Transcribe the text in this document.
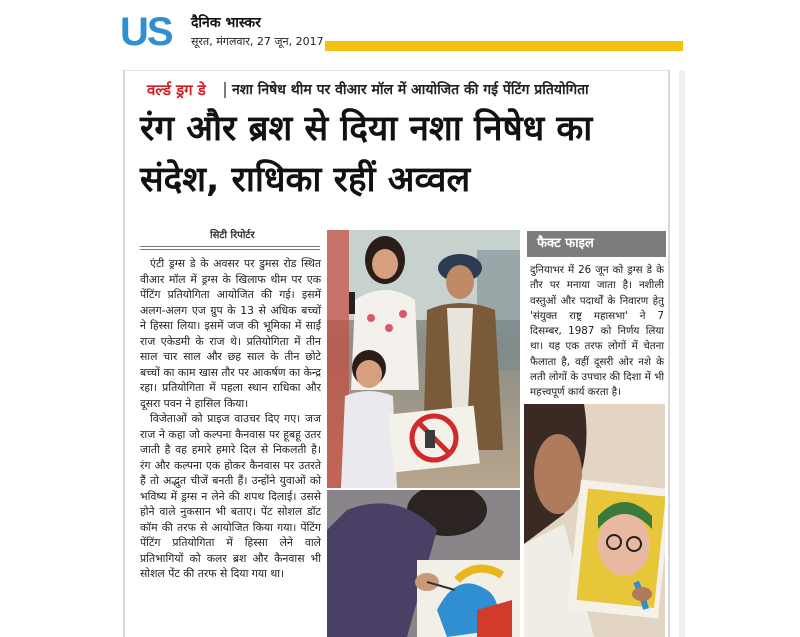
US दैनिक भास्कर
सूरत, मंगलवार, 27 जून, 2017
वर्ल्ड ड्रग डे नशा निषेध थीम पर वीआर मॉल में आयोजित की गई पेंटिंग प्रतियोगिता
रंग और ब्रश से दिया नशा निषेध का संदेश, राधिका रहीं अव्वल
सिटी रिपोर्टर

एंटी ड्रग्स डे के अवसर पर डुमस रोड स्थित वीआर मॉल में ड्रग्स के खिलाफ थीम पर एक पेंटिंग प्रतियोगिता आयोजित की गई। इसमें अलग-अलग एज ग्रुप के 13 से अधिक बच्चों ने हिस्सा लिया। इसमें जज की भूमिका में साईं राज एकेडमी के राज थे। प्रतियोगिता में तीन साल चार साल और छह साल के तीन छोटे बच्चों का काम खास तौर पर आकर्षण का केन्द्र रहा। प्रतियोगिता में पहला स्थान राधिका और दूसरा पवन ने हासिल किया।

विजेताओं को प्राइज वाउचर दिए गए। जज राज ने कहा जो कल्पना कैनवास पर हूबहू उतर जाती है वह हमारे हमारे दिल से निकलती है। रंग और कल्पना एक होकर कैनवास पर उतरते हैं तो अद्भुत चीजें बनती हैं। उन्होंने युवाओं को भविष्य में ड्रग्स न लेने की शपथ दिलाई। उससे होने वाले नुकसान भी बताए। पेंट सोशल डॉट कॉम की तरफ से आयोजित किया गया। पेंटिंग पेंटिंग प्रतियोगिता में हिस्सा लेने वाले प्रतिभागियों को कलर ब्रश और कैनवास भी सोशल पेंट की तरफ से दिया गया था।

फैक्ट फाइल
दुनियाभर में 26 जून को ड्रग्स डे के तौर पर मनाया जाता है। नशीली वस्तुओं और पदार्थों के निवारण हेतु 'संयुक्त राष्ट्र महासभा' ने 7 दिसम्बर, 1987 को निर्णय लिया था। यह एक तरफ लोगों में चेतना फैलाता है, वहीं दूसरी ओर नशे के लती लोगों के उपचार की दिशा में भी महत्त्वपूर्ण कार्य करता है।
